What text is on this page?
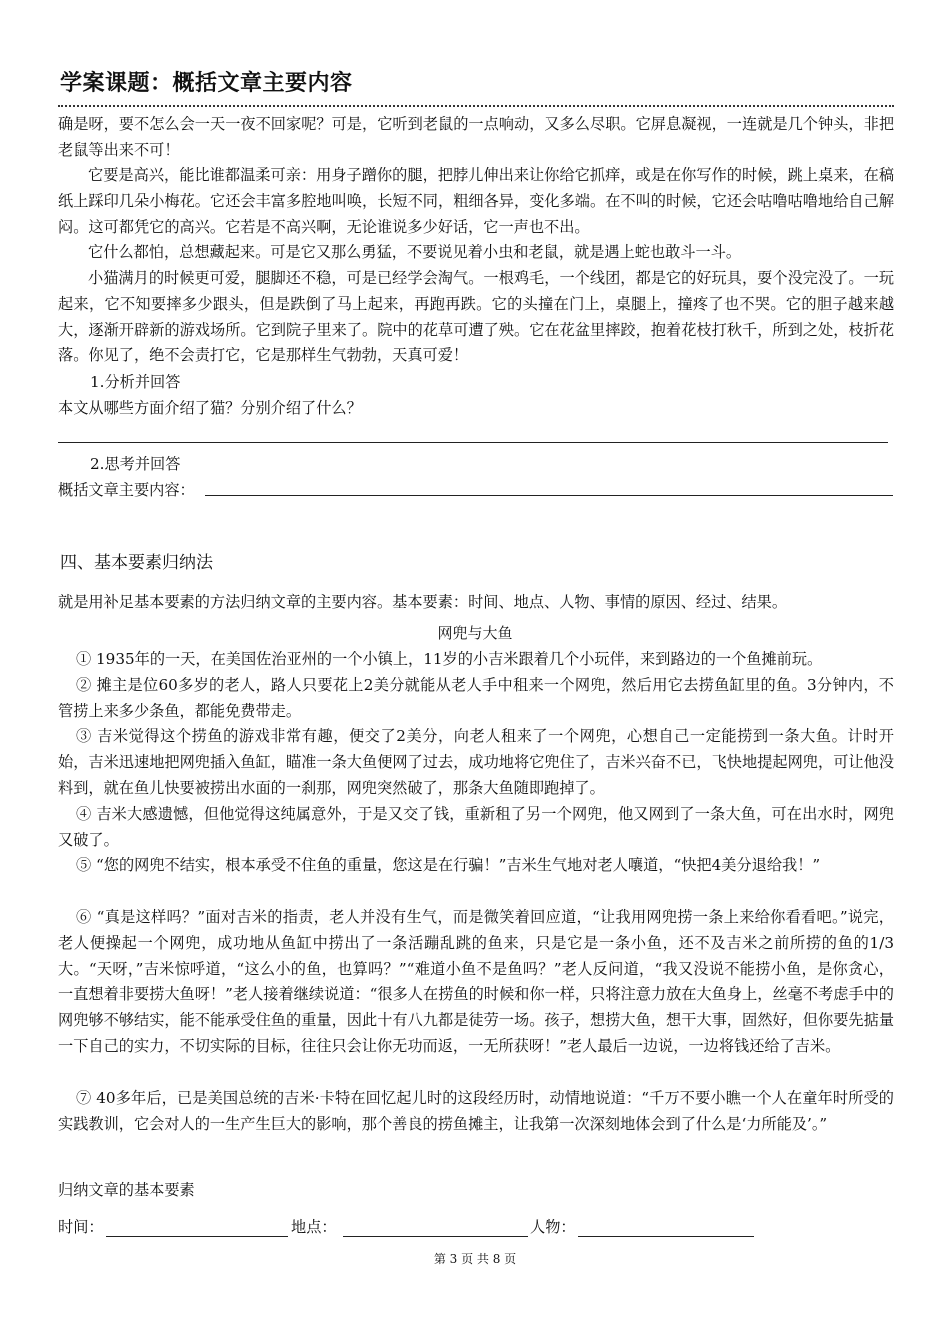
学案课题：概括文章主要内容

确是呀，要不怎么会一天一夜不回家呢？可是，它听到老鼠的一点响动，又多么尽职。它屏息凝视，一连就是几个钟头，非把老鼠等出来不可！

它要是高兴，能比谁都温柔可亲：用身子蹭你的腿，把脖儿伸出来让你给它抓痒，或是在你写作的时候，跳上桌来，在稿纸上踩印几朵小梅花。它还会丰富多腔地叫唤，长短不同，粗细各异，变化多端。在不叫的时候，它还会咕噜咕噜地给自己解闷。这可都凭它的高兴。它若是不高兴啊，无论谁说多少好话，它一声也不出。

它什么都怕，总想藏起来。可是它又那么勇猛，不要说见着小虫和老鼠，就是遇上蛇也敢斗一斗。

小猫满月的时候更可爱，腿脚还不稳，可是已经学会淘气。一根鸡毛，一个线团，都是它的好玩具，耍个没完没了。一玩起来，它不知要摔多少跟头，但是跌倒了马上起来，再跑再跌。它的头撞在门上，桌腿上，撞疼了也不哭。它的胆子越来越大，逐渐开辟新的游戏场所。它到院子里来了。院中的花草可遭了殃。它在花盆里摔跤，抱着花枝打秋千，所到之处，枝折花落。你见了，绝不会责打它，它是那样生气勃勃，天真可爱！

1.分析并回答

本文从哪些方面介绍了猫？分别介绍了什么？

2.思考并回答

概括文章主要内容：

四、基本要素归纳法

就是用补足基本要素的方法归纳文章的主要内容。基本要素：时间、地点、人物、事情的原因、经过、结果。

网兜与大鱼

① 1935年的一天，在美国佐治亚州的一个小镇上，11岁的小吉米跟着几个小玩伴，来到路边的一个鱼摊前玩。

② 摊主是位60多岁的老人，路人只要花上2美分就能从老人手中租来一个网兜，然后用它去捞鱼缸里的鱼。3分钟内，不管捞上来多少条鱼，都能免费带走。

③ 吉米觉得这个捞鱼的游戏非常有趣，便交了2美分，向老人租来了一个网兜，心想自己一定能捞到一条大鱼。计时开始，吉米迅速地把网兜插入鱼缸，瞄准一条大鱼便网了过去，成功地将它兜住了，吉米兴奋不已，飞快地提起网兜，可让他没料到，就在鱼儿快要被捞出水面的一刹那，网兜突然破了，那条大鱼随即跑掉了。

④ 吉米大感遗憾，但他觉得这纯属意外，于是又交了钱，重新租了另一个网兜，他又网到了一条大鱼，可在出水时，网兜又破了。

⑤ “您的网兜不结实，根本承受不住鱼的重量，您这是在行骗！”吉米生气地对老人嚷道，“快把4美分退给我！”

⑥ “真是这样吗？”面对吉米的指责，老人并没有生气，而是微笑着回应道，“让我用网兜捞一条上来给你看看吧。”说完，老人便操起一个网兜，成功地从鱼缸中捞出了一条活蹦乱跳的鱼来，只是它是一条小鱼，还不及吉米之前所捞的鱼的1/3大。“天呀，”吉米惊呼道，“这么小的鱼，也算吗？”“难道小鱼不是鱼吗？”老人反问道，“我又没说不能捞小鱼，是你贪心，一直想着非要捞大鱼呀！”老人接着继续说道：“很多人在捞鱼的时候和你一样，只将注意力放在大鱼身上，丝毫不考虑手中的网兜够不够结实，能不能承受住鱼的重量，因此十有八九都是徒劳一场。孩子，想捞大鱼，想干大事，固然好，但你要先掂量一下自己的实力，不切实际的目标，往往只会让你无功而返，一无所获呀！”老人最后一边说，一边将钱还给了吉米。

⑦ 40多年后，已是美国总统的吉米·卡特在回忆起儿时的这段经历时，动情地说道：“千万不要小瞧一个人在童年时所受的实践教训，它会对人的一生产生巨大的影响，那个善良的捞鱼摊主，让我第一次深刻地体会到了什么是‘力所能及’。”

归纳文章的基本要素

时间：	地点：	人物：
第 3 页 共 8 页
